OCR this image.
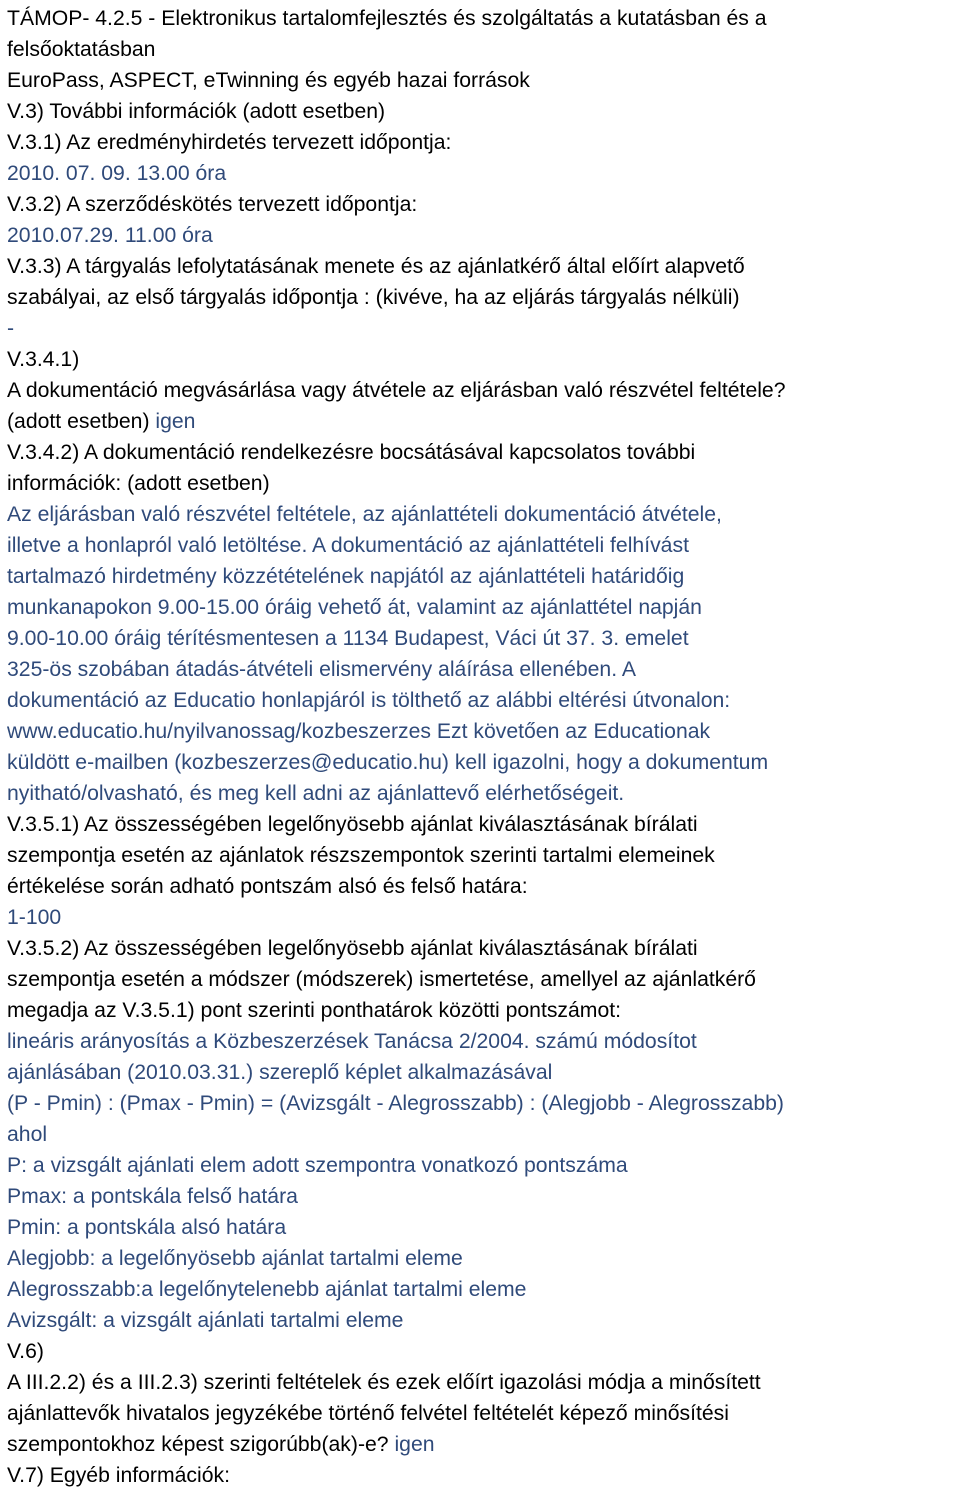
TÁMOP- 4.2.5 - Elektronikus tartalomfejlesztés és szolgáltatás a kutatásban és a
felsőoktatásban
EuroPass, ASPECT, eTwinning és egyéb hazai források
V.3) További információk (adott esetben)
V.3.1) Az eredményhirdetés tervezett időpontja:
2010. 07. 09. 13.00 óra
V.3.2) A szerződéskötés tervezett időpontja:
2010.07.29. 11.00 óra
V.3.3) A tárgyalás lefolytatásának menete és az ajánlatkérő által előírt alapvető
szabályai, az első tárgyalás időpontja : (kivéve, ha az eljárás tárgyalás nélküli)
-
V.3.4.1)
A dokumentáció megvásárlása vagy átvétele az eljárásban való részvétel feltétele?
(adott esetben) igen
V.3.4.2) A dokumentáció rendelkezésre bocsátásával kapcsolatos további
információk: (adott esetben)
Az eljárásban való részvétel feltétele, az ajánlattételi dokumentáció átvétele,
illetve a honlapról való letöltése. A dokumentáció az ajánlattételi felhívást
tartalmazó hirdetmény közzétételének napjától az ajánlattételi határidőig
munkanapokon 9.00-15.00 óráig vehető át, valamint az ajánlattétel napján
9.00-10.00 óráig térítésmentesen a 1134 Budapest, Váci út 37. 3. emelet
325-ös szobában átadás-átvételi elismervény aláírása ellenében. A
dokumentáció az Educatio honlapjáról is tölthető az alábbi eltérési útvonalon:
www.educatio.hu/nyilvanossag/kozbeszerzes Ezt követően az Educationak
küldött e-mailben (kozbeszerzes@educatio.hu) kell igazolni, hogy a dokumentum
nyitható/olvasható, és meg kell adni az ajánlattevő elérhetőségeit.
V.3.5.1) Az összességében legelőnyösebb ajánlat kiválasztásának bírálati
szempontja esetén az ajánlatok részszempontok szerinti tartalmi elemeinek
értékelése során adható pontszám alsó és felső határa:
1-100
V.3.5.2) Az összességében legelőnyösebb ajánlat kiválasztásának bírálati
szempontja esetén a módszer (módszerek) ismertetése, amellyel az ajánlatkérő
megadja az V.3.5.1) pont szerinti ponthatárok közötti pontszámot:
lineáris arányosítás a Közbeszerzések Tanácsa 2/2004. számú módosítot
ajánlásában (2010.03.31.) szereplő képlet alkalmazásával
(P - Pmin) : (Pmax - Pmin) = (Avizsgált - Alegrosszabb) : (Alegjobb - Alegrosszabb)
ahol
P: a vizsgált ajánlati elem adott szempontra vonatkozó pontszáma
Pmax: a pontskála felső határa
Pmin: a pontskála alsó határa
Alegjobb: a legelőnyösebb ajánlat tartalmi eleme
Alegrosszabb:a legelőnytelenebb ajánlat tartalmi eleme
Avizsgált: a vizsgált ajánlati tartalmi eleme
V.6)
A III.2.2) és a III.2.3) szerinti feltételek és ezek előírt igazolási módja a minősített
ajánlattevők hivatalos jegyzékébe történő felvétel feltételét képező minősítési
szempontokhoz képest szigorúbb(ak)-e? igen
V.7) Egyéb információk:
